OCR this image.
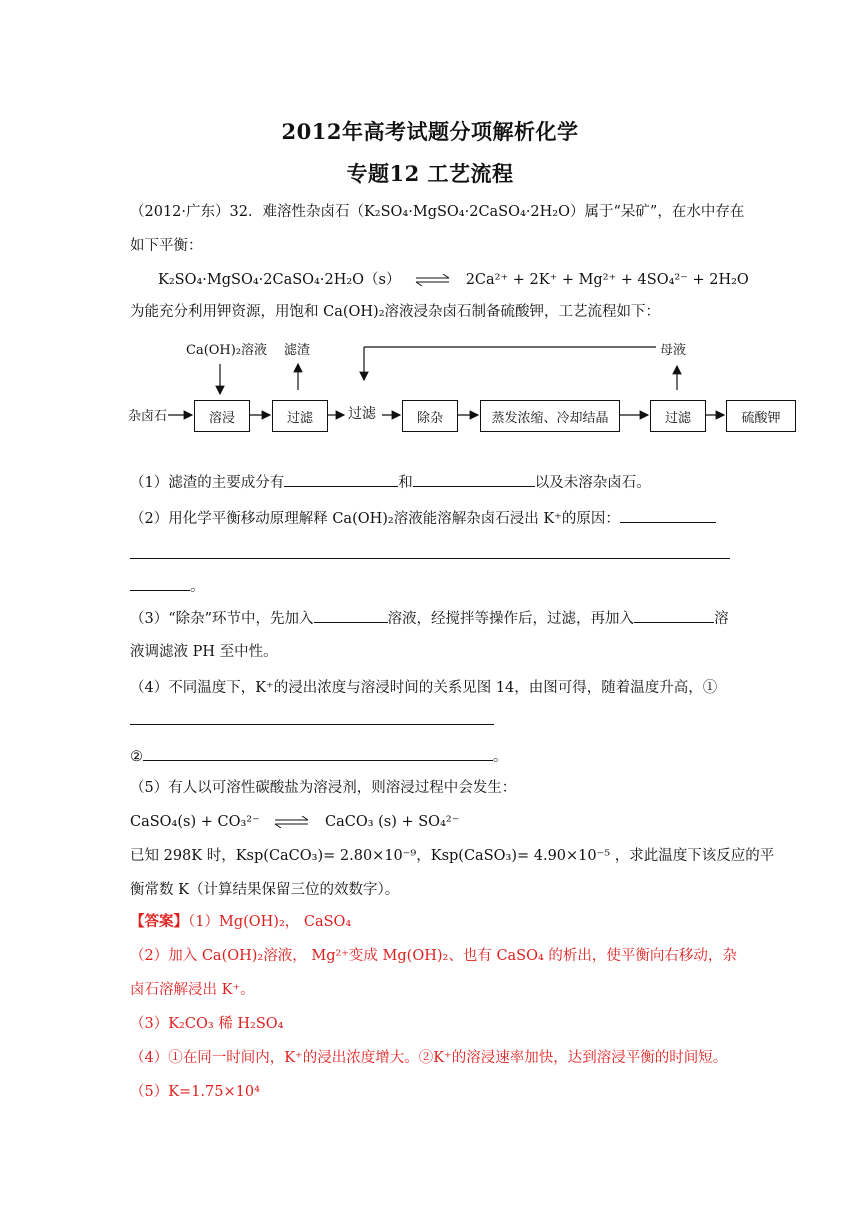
2012年高考试题分项解析化学
专题12 工艺流程
（2012·广东）32．难溶性杂卤石（K₂SO₄·MgSO₄·2CaSO₄·2H₂O）属于“呆矿”，在水中存在
如下平衡：
K₂SO₄·MgSO₄·2CaSO₄·2H₂O（s） ⇌ 2Ca²⁺ + 2K⁺ + Mg²⁺ + 4SO₄²⁻ + 2H₂O
为能充分利用钾资源，用饱和 Ca(OH)₂溶液浸杂卤石制备硫酸钾，工艺流程如下：
杂卤石
Ca(OH)₂溶液 滤渣	母液
过滤
溶浸	过滤	除杂	蒸发浓缩、冷却结晶	过滤	硫酸钾
（1）滤渣的主要成分有	和	以及未溶杂卤石。
（2）用化学平衡移动原理解释 Ca(OH)₂溶液能溶解杂卤石浸出 K⁺的原因：
。
（3）“除杂”环节中，先加入	溶液，经搅拌等操作后，过滤，再加入	溶
液调滤液 PH 至中性。
（4）不同温度下，K⁺的浸出浓度与溶浸时间的关系见图 14，由图可得，随着温度升高，①
②	。
（5）有人以可溶性碳酸盐为溶浸剂，则溶浸过程中会发生：
CaSO₄(s) + CO₃²⁻ ⇌ CaCO₃ (s) + SO₄²⁻
已知 298K 时，Ksp(CaCO₃)= 2.80×10⁻⁹，Ksp(CaSO₃)= 4.90×10⁻⁵ ，求此温度下该反应的平
衡常数 K（计算结果保留三位的效数字）。
【答案】（1）Mg(OH)₂， CaSO₄
（2）加入 Ca(OH)₂溶液， Mg²⁺变成 Mg(OH)₂、也有 CaSO₄ 的析出，使平衡向右移动，杂
卤石溶解浸出 K⁺。
（3）K₂CO₃ 稀 H₂SO₄
（4）①在同一时间内，K⁺的浸出浓度增大。②K⁺的溶浸速率加快，达到溶浸平衡的时间短。
（5）K=1.75×10⁴
